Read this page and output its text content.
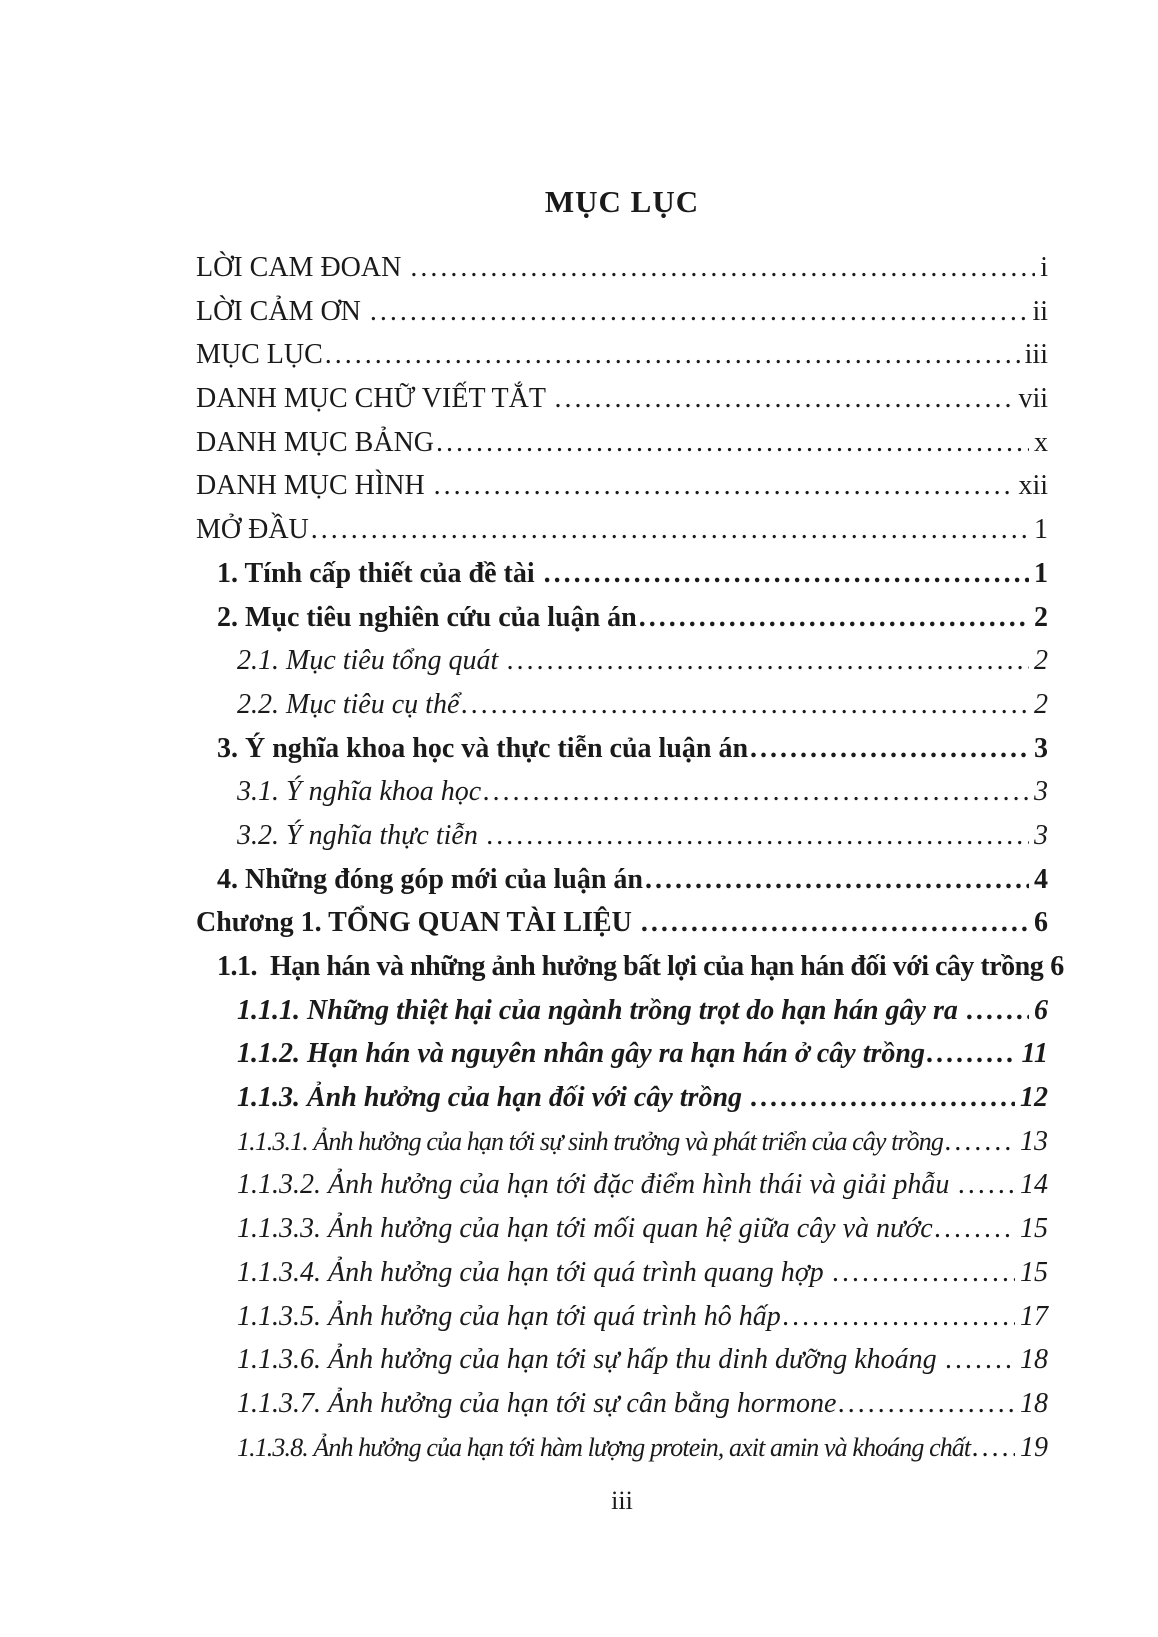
MỤC LỤC
LỜI CAM ĐOAN .....	i
LỜI CẢM ƠN .....	ii
MỤC LỤC .....	iii
DANH MỤC CHỮ VIẾT TẮT .....	vii
DANH MỤC BẢNG .....	x
DANH MỤC HÌNH .....	xii
MỞ ĐẦU .....	1
1. Tính cấp thiết của đề tài .....	1
2. Mục tiêu nghiên cứu của luận án .....	2
2.1. Mục tiêu tổng quát .....	2
2.2. Mục tiêu cụ thể .....	2
3. Ý nghĩa khoa học và thực tiễn của luận án .....	3
3.1. Ý nghĩa khoa học .....	3
3.2. Ý nghĩa thực tiễn .....	3
4. Những đóng góp mới của luận án .....	4
Chương 1. TỔNG QUAN TÀI LIỆU .....	6
1.1.  Hạn hán và những ảnh hưởng bất lợi của hạn hán đối với cây trồng 6
1.1.1. Những thiệt hại của ngành trồng trọt do hạn hán gây ra ..... 6
1.1.2. Hạn hán và nguyên nhân gây ra hạn hán ở cây trồng .....	11
1.1.3. Ảnh hưởng của hạn đối với cây trồng .....	12
1.1.3.1. Ảnh hưởng của hạn tới sự sinh trưởng và phát triển của cây trồng .....	13
1.1.3.2. Ảnh hưởng của hạn tới đặc điểm hình thái và giải phẫu ..... 14
1.1.3.3. Ảnh hưởng của hạn tới mối quan hệ giữa cây và nước .....	15
1.1.3.4. Ảnh hưởng của hạn tới quá trình quang hợp .....	15
1.1.3.5. Ảnh hưởng của hạn tới quá trình hô hấp .....	17
1.1.3.6. Ảnh hưởng của hạn tới sự hấp thu dinh dưỡng khoáng .....	18
1.1.3.7. Ảnh hưởng của hạn tới sự cân bằng hormone .....	18
1.1.3.8. Ảnh hưởng của hạn tới hàm lượng protein, axit amin và khoáng chất ..... 19
iii
